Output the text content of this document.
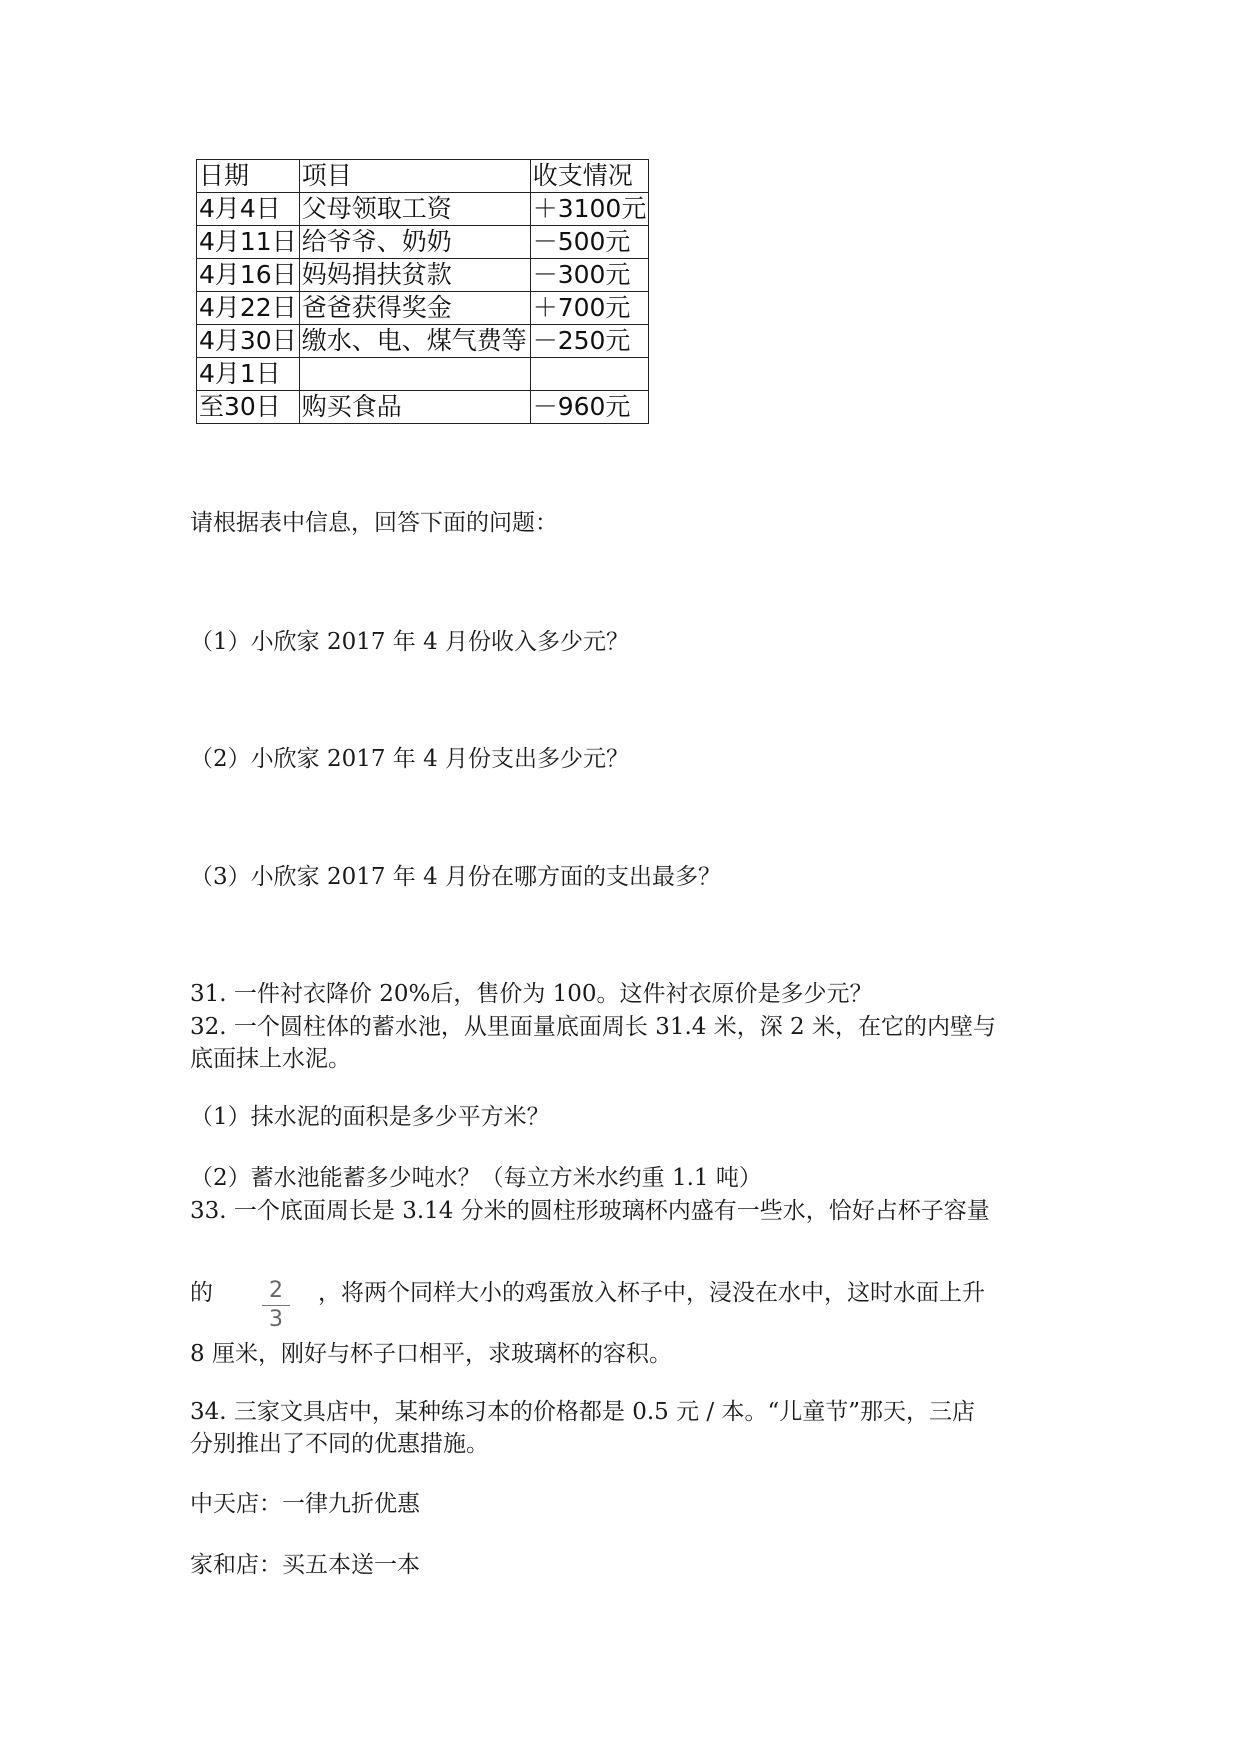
日期	项目	收支情况
4月4日	父母领取工资	＋3100元
4月11日	给爷爷、奶奶	－500元
4月16日	妈妈捐扶贫款	－300元
4月22日	爸爸获得奖金	＋700元
4月30日	缴水、电、煤气费等	－250元
4月1日		
至30日	购买食品	－960元
请根据表中信息，回答下面的问题：
（1）小欣家 2017 年 4 月份收入多少元？
（2）小欣家 2017 年 4 月份支出多少元？
（3）小欣家 2017 年 4 月份在哪方面的支出最多？
31. 一件衬衣降价 20%后，售价为 100。这件衬衣原价是多少元？
32. 一个圆柱体的蓄水池，从里面量底面周长 31.4 米，深 2 米，在它的内壁与
底面抹上水泥。
（1）抹水泥的面积是多少平方米？
（2）蓄水池能蓄多少吨水？（每立方米水约重 1.1 吨）
33. 一个底面周长是 3.14 分米的圆柱形玻璃杯内盛有一些水，恰好占杯子容量
的	2
3
，将两个同样大小的鸡蛋放入杯子中，浸没在水中，这时水面上升
8 厘米，刚好与杯子口相平，求玻璃杯的容积。
34. 三家文具店中，某种练习本的价格都是 0.5 元 / 本。“儿童节”那天，三店
分别推出了不同的优惠措施。
中天店：一律九折优惠
家和店：买五本送一本
